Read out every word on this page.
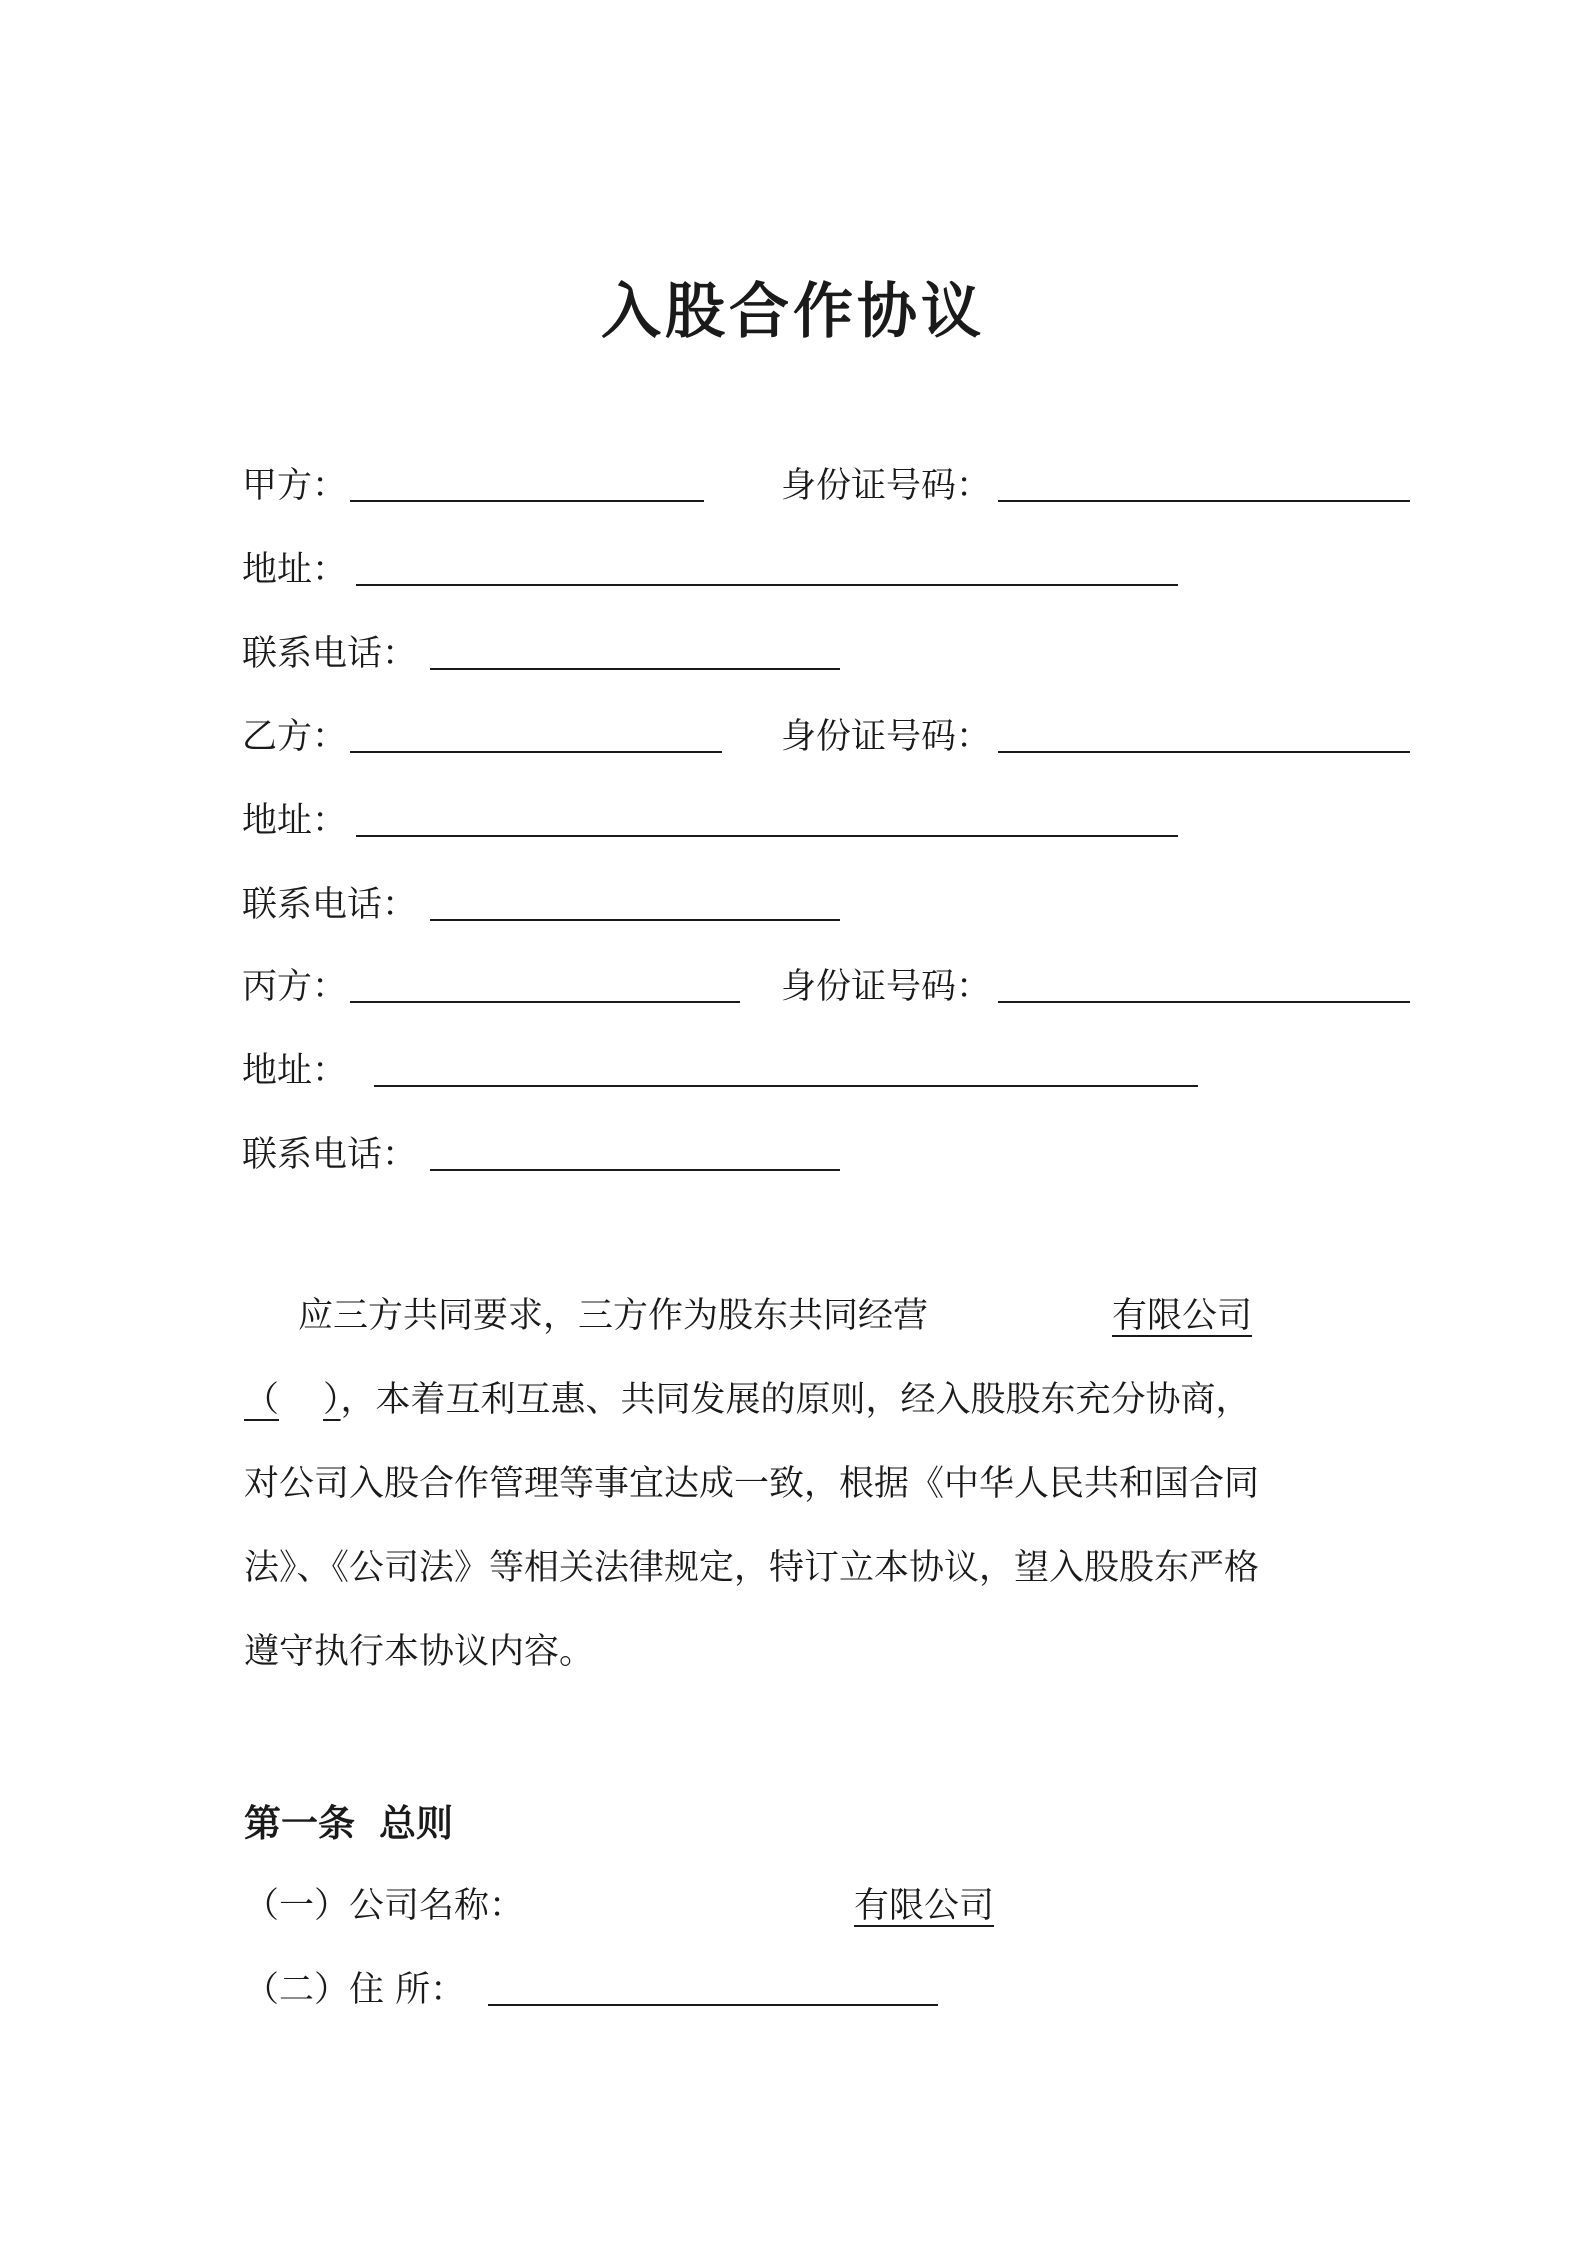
入股合作协议
甲方：	身份证号码：
地址：
联系电话：
乙方：	身份证号码：
地址：
联系电话：
丙方：	身份证号码：
地址：
联系电话：
应三方共同要求，三方作为股东共同经营	有限公司
（ ），本着互利互惠、共同发展的原则，经入股股东充分协商，
对公司入股合作管理等事宜达成一致，根据《中华人民共和国合同
法》、《公司法》等相关法律规定，特订立本协议，望入股股东严格
遵守执行本协议内容。
第一条 总则
（一）公司名称：	有限公司
（二）住 所：
